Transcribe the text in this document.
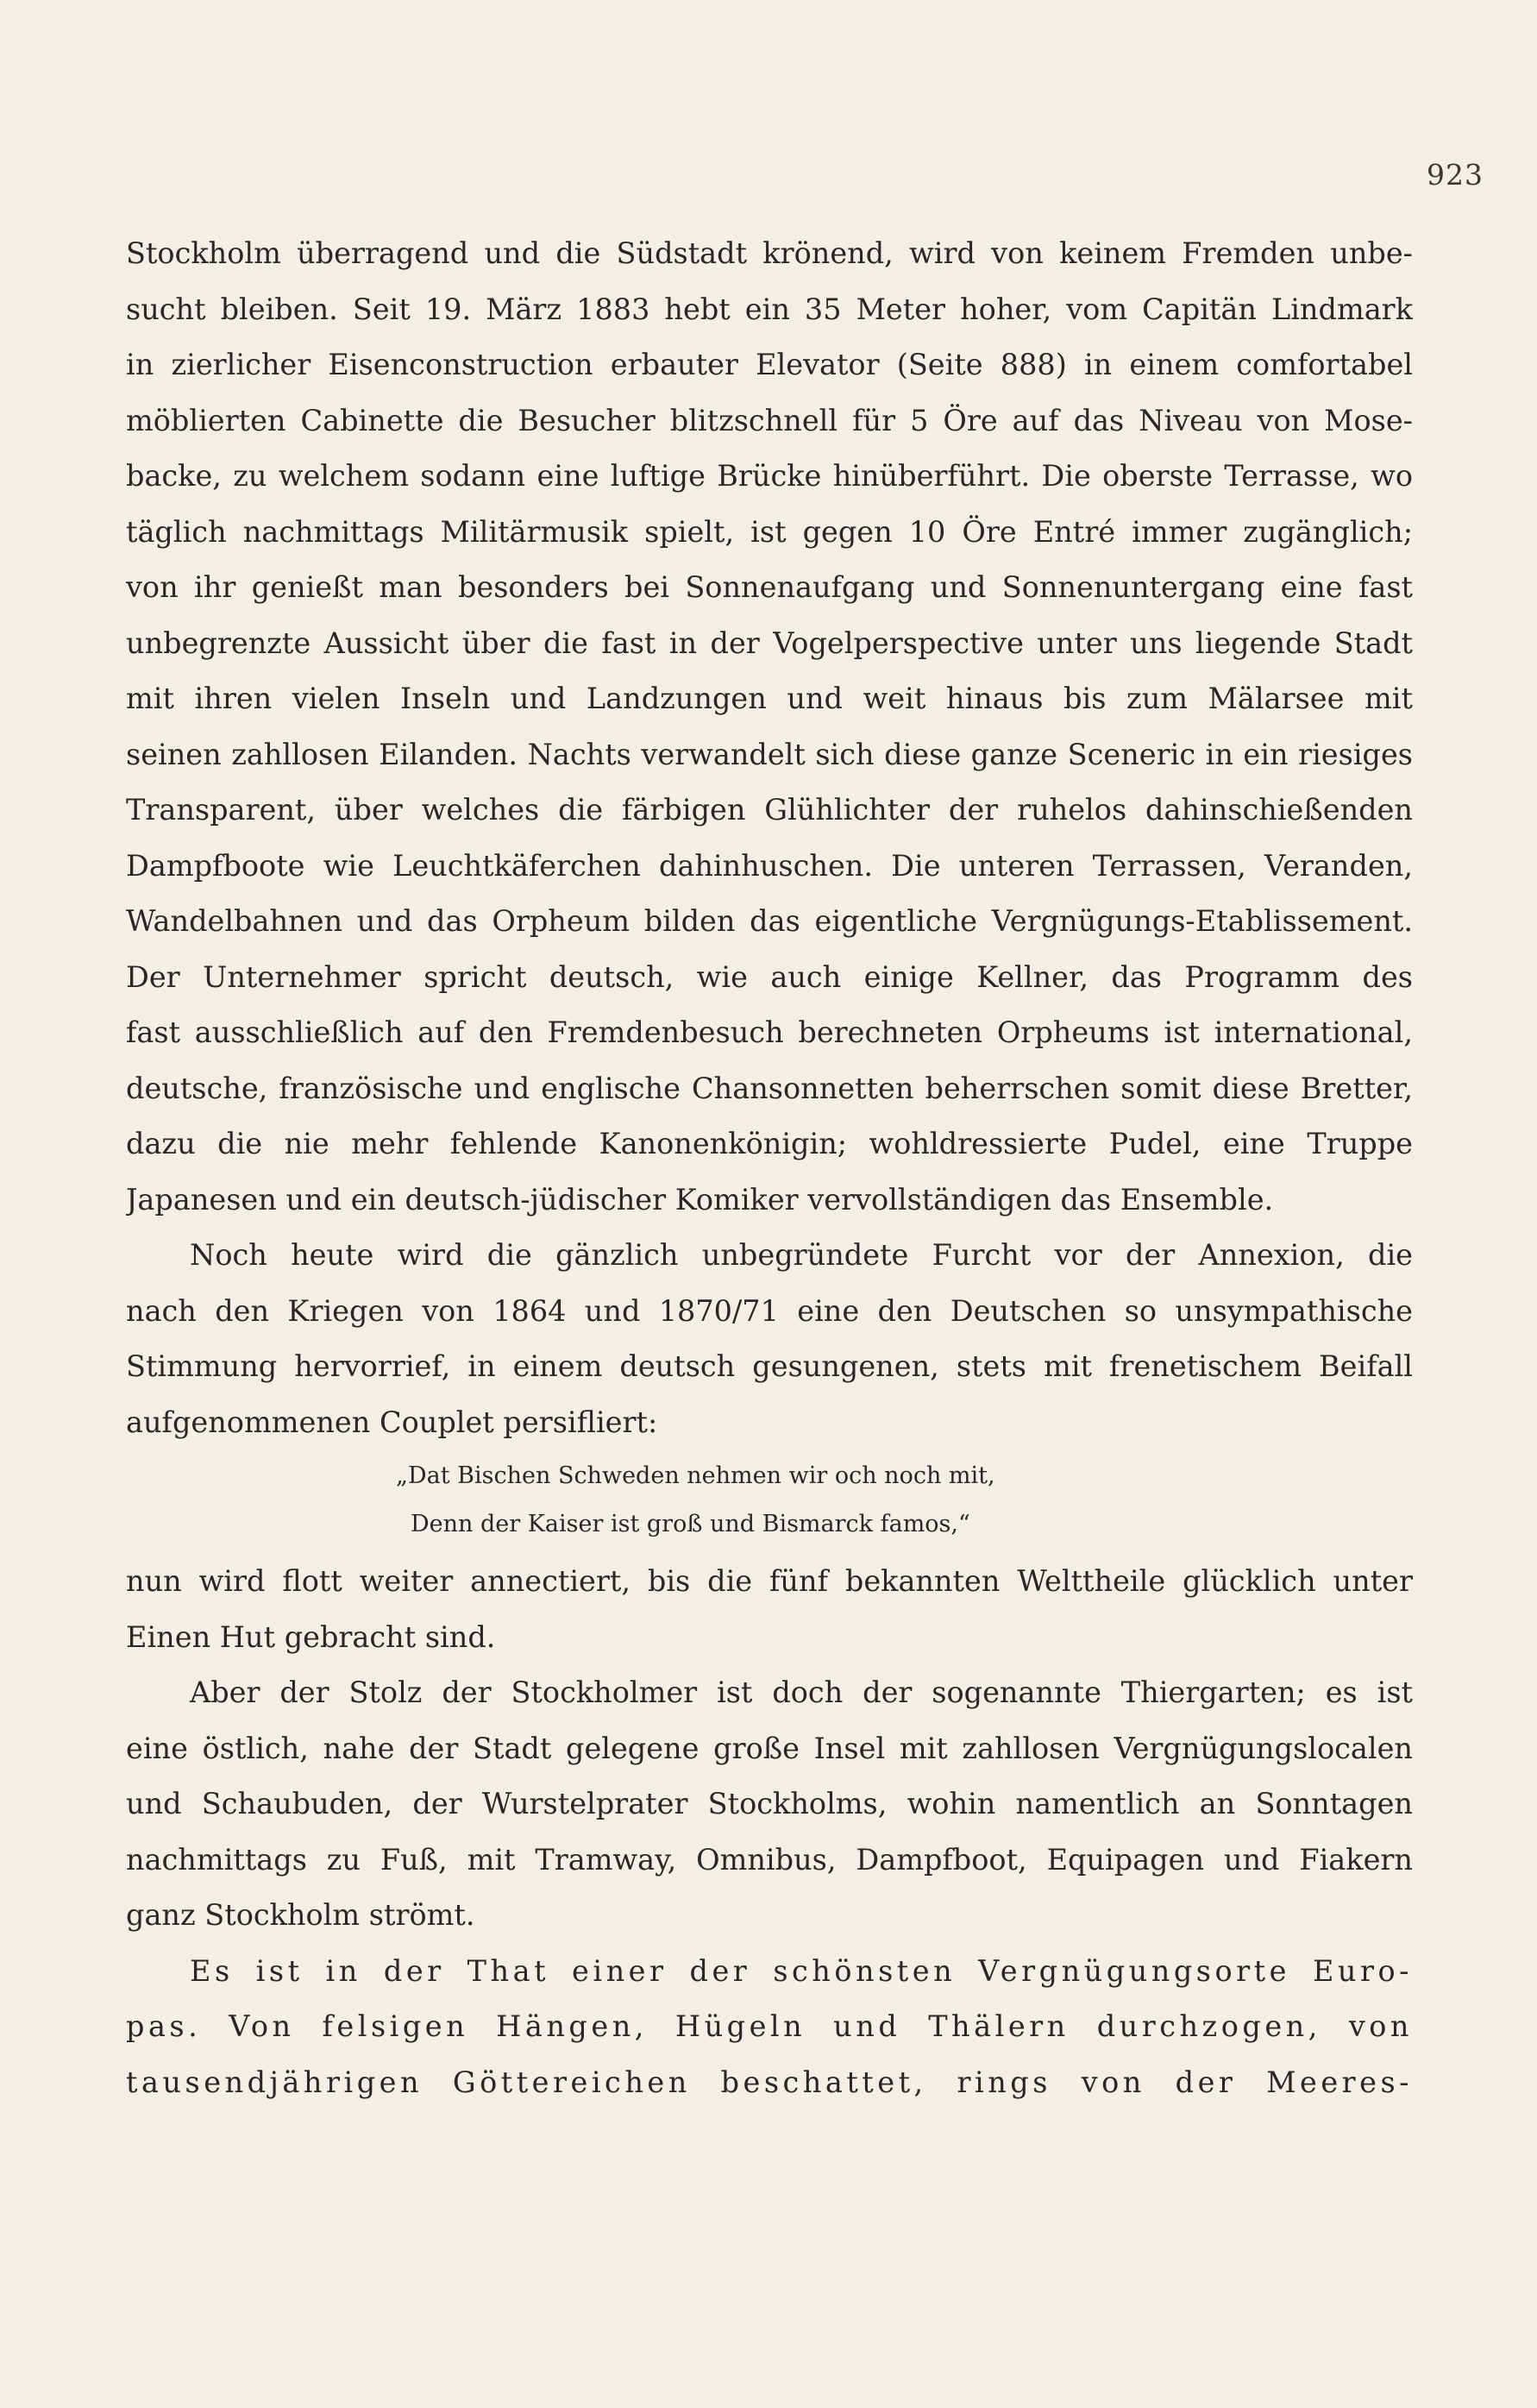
923
Stockholm überragend und die Südstadt krönend, wird von keinem Fremden unbe-
sucht bleiben. Seit 19. März 1883 hebt ein 35 Meter hoher, vom Capitän Lindmark
in zierlicher Eisenconstruction erbauter Elevator (Seite 888) in einem comfortabel
möblierten Cabinette die Besucher blitzschnell für 5 Öre auf das Niveau von Mose-
backe, zu welchem sodann eine luftige Brücke hinüberführt. Die oberste Terrasse, wo
täglich nachmittags Militärmusik spielt, ist gegen 10 Öre Entré immer zugänglich;
von ihr genießt man besonders bei Sonnenaufgang und Sonnenuntergang eine fast
unbegrenzte Aussicht über die fast in der Vogelperspective unter uns liegende Stadt
mit ihren vielen Inseln und Landzungen und weit hinaus bis zum Mälarsee mit
seinen zahllosen Eilanden. Nachts verwandelt sich diese ganze Sceneric in ein riesiges
Transparent, über welches die färbigen Glühlichter der ruhelos dahinschießenden
Dampfboote wie Leuchtkäferchen dahinhuschen. Die unteren Terrassen, Veranden,
Wandelbahnen und das Orpheum bilden das eigentliche Vergnügungs-Etablissement.
Der Unternehmer spricht deutsch, wie auch einige Kellner, das Programm des
fast ausschließlich auf den Fremdenbesuch berechneten Orpheums ist international,
deutsche, französische und englische Chansonnetten beherrschen somit diese Bretter,
dazu die nie mehr fehlende Kanonenkönigin; wohldressierte Pudel, eine Truppe
Japanesen und ein deutsch-jüdischer Komiker vervollständigen das Ensemble.
Noch heute wird die gänzlich unbegründete Furcht vor der Annexion, die
nach den Kriegen von 1864 und 1870/71 eine den Deutschen so unsympathische
Stimmung hervorrief, in einem deutsch gesungenen, stets mit frenetischem Beifall
aufgenommenen Couplet persifliert:
„Dat Bischen Schweden nehmen wir och noch mit,
Denn der Kaiser ist groß und Bismarck famos,“
nun wird flott weiter annectiert, bis die fünf bekannten Welttheile glücklich unter
Einen Hut gebracht sind.
Aber der Stolz der Stockholmer ist doch der sogenannte Thiergarten; es ist
eine östlich, nahe der Stadt gelegene große Insel mit zahllosen Vergnügungslocalen
und Schaubuden, der Wurstelprater Stockholms, wohin namentlich an Sonntagen
nachmittags zu Fuß, mit Tramway, Omnibus, Dampfboot, Equipagen und Fiakern
ganz Stockholm strömt.
Es ist in der That einer der schönsten Vergnügungsorte Euro-
pas. Von felsigen Hängen, Hügeln und Thälern durchzogen, von
tausendjährigen Göttereichen beschattet, rings von der Meeres-
